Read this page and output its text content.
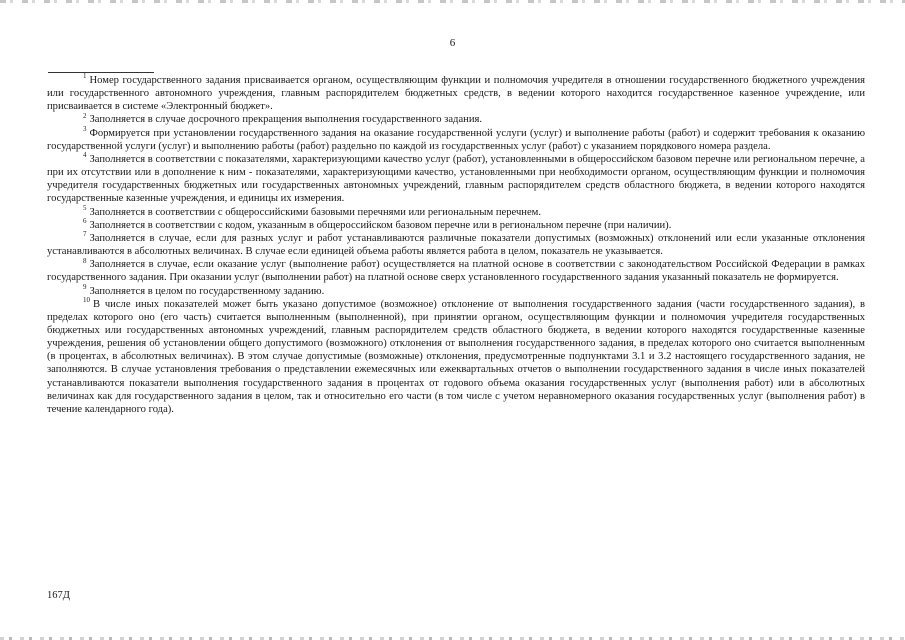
6

$^1$ Номер государственного задания присваивается органом, осуществляющим функции и полномочия учредителя в отношении государственного бюджетного учреждения или государственного автономного учреждения, главным распорядителем бюджетных средств, в ведении которого находится государственное казенное учреждение, или присваивается в системе «Электронный бюджет».

$^2$ Заполняется в случае досрочного прекращения выполнения государственного задания.

$^3$ Формируется при установлении государственного задания на оказание государственной услуги (услуг) и выполнение работы (работ) и содержит требования к оказанию государственной услуги (услуг) и выполнению работы (работ) раздельно по каждой из государственных услуг (работ) с указанием порядкового номера раздела.

$^4$ Заполняется в соответствии с показателями, характеризующими качество услуг (работ), установленными в общероссийском базовом перечне или региональном перечне, а при их отсутствии или в дополнение к ним - показателями, характеризующими качество, установленными при необходимости органом, осуществляющим функции и полномочия учредителя государственных бюджетных или государственных автономных учреждений, главным распорядителем средств областного бюджета, в ведении которого находятся государственные казенные учреждения, и единицы их измерения.

$^5$ Заполняется в соответствии с общероссийскими базовыми перечнями или региональным перечнем.

$^6$ Заполняется в соответствии с кодом, указанным в общероссийском базовом перечне или в региональном перечне (при наличии).

$^7$ Заполняется в случае, если для разных услуг и работ устанавливаются различные показатели допустимых (возможных) отклонений или если указанные отклонения устанавливаются в абсолютных величинах. В случае если единицей объема работы является работа в целом, показатель не указывается.

$^8$ Заполняется в случае, если оказание услуг (выполнение работ) осуществляется на платной основе в соответствии с законодательством Российской Федерации в рамках государственного задания. При оказании услуг (выполнении работ) на платной основе сверх установленного государственного задания указанный показатель не формируется.

$^9$ Заполняется в целом по государственному заданию.

$^{10}$ В числе иных показателей может быть указано допустимое (возможное) отклонение от выполнения государственного задания (части государственного задания), в пределах которого оно (его часть) считается выполненным (выполненной), при принятии органом, осуществляющим функции и полномочия учредителя государственных бюджетных или государственных автономных учреждений, главным распорядителем средств областного бюджета, в ведении которого находятся государственные казенные учреждения, решения об установлении общего допустимого (возможного) отклонения от выполнения государственного задания, в пределах которого оно считается выполненным (в процентах, в абсолютных величинах). В этом случае допустимые (возможные) отклонения, предусмотренные подпунктами 3.1 и 3.2 настоящего государственного задания, не заполняются. В случае установления требования о представлении ежемесячных или ежеквартальных отчетов о выполнении государственного задания в числе иных показателей устанавливаются показатели выполнения государственного задания в процентах от годового объема оказания государственных услуг (выполнения работ) или в абсолютных величинах как для государственного задания в целом, так и относительно его части (в том числе с учетом неравномерного оказания государственных услуг (выполнения работ) в течение календарного года).

167Д
